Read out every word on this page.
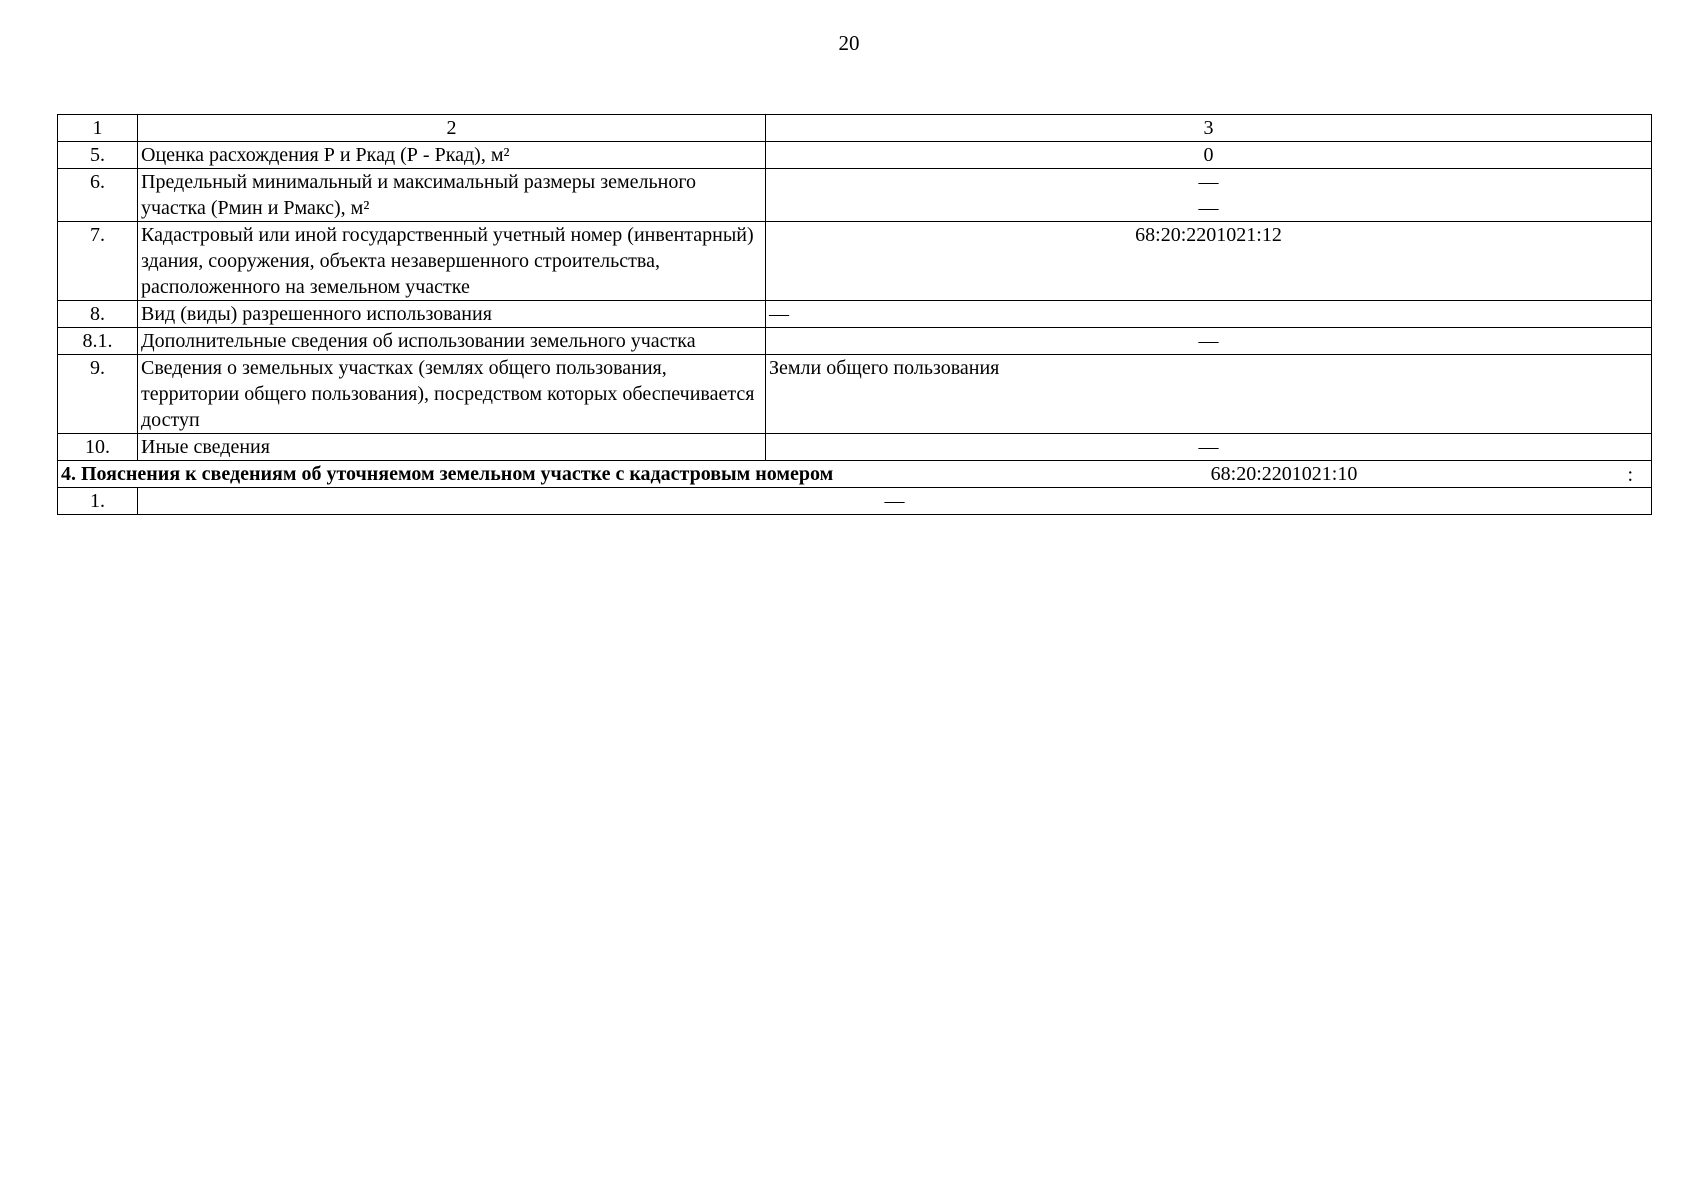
20
1	2	3
5.	Оценка расхождения Р и Ркад (Р - Ркад), м²	0
6.	Предельный минимальный и максимальный размеры земельного участка (Рмин и Рмакс), м²	—
—

7.	Кадастровый или иной государственный учетный номер (инвентарный) здания, сооружения, объекта незавершенного строительства, расположенного на земельном участке	68:20:2201021:12
8.	Вид (виды) разрешенного использования	—
8.1.	Дополнительные сведения об использовании земельного участка	—
9.	Сведения о земельных участках (землях общего пользования, территории общего пользования), посредством которых обеспечивается доступ	Земли общего пользования
10.	Иные сведения	—
4. Пояснения к сведениям об уточняемом земельном участке с кадастровым номером 68:20:2201021:10 :		

1.	—	
